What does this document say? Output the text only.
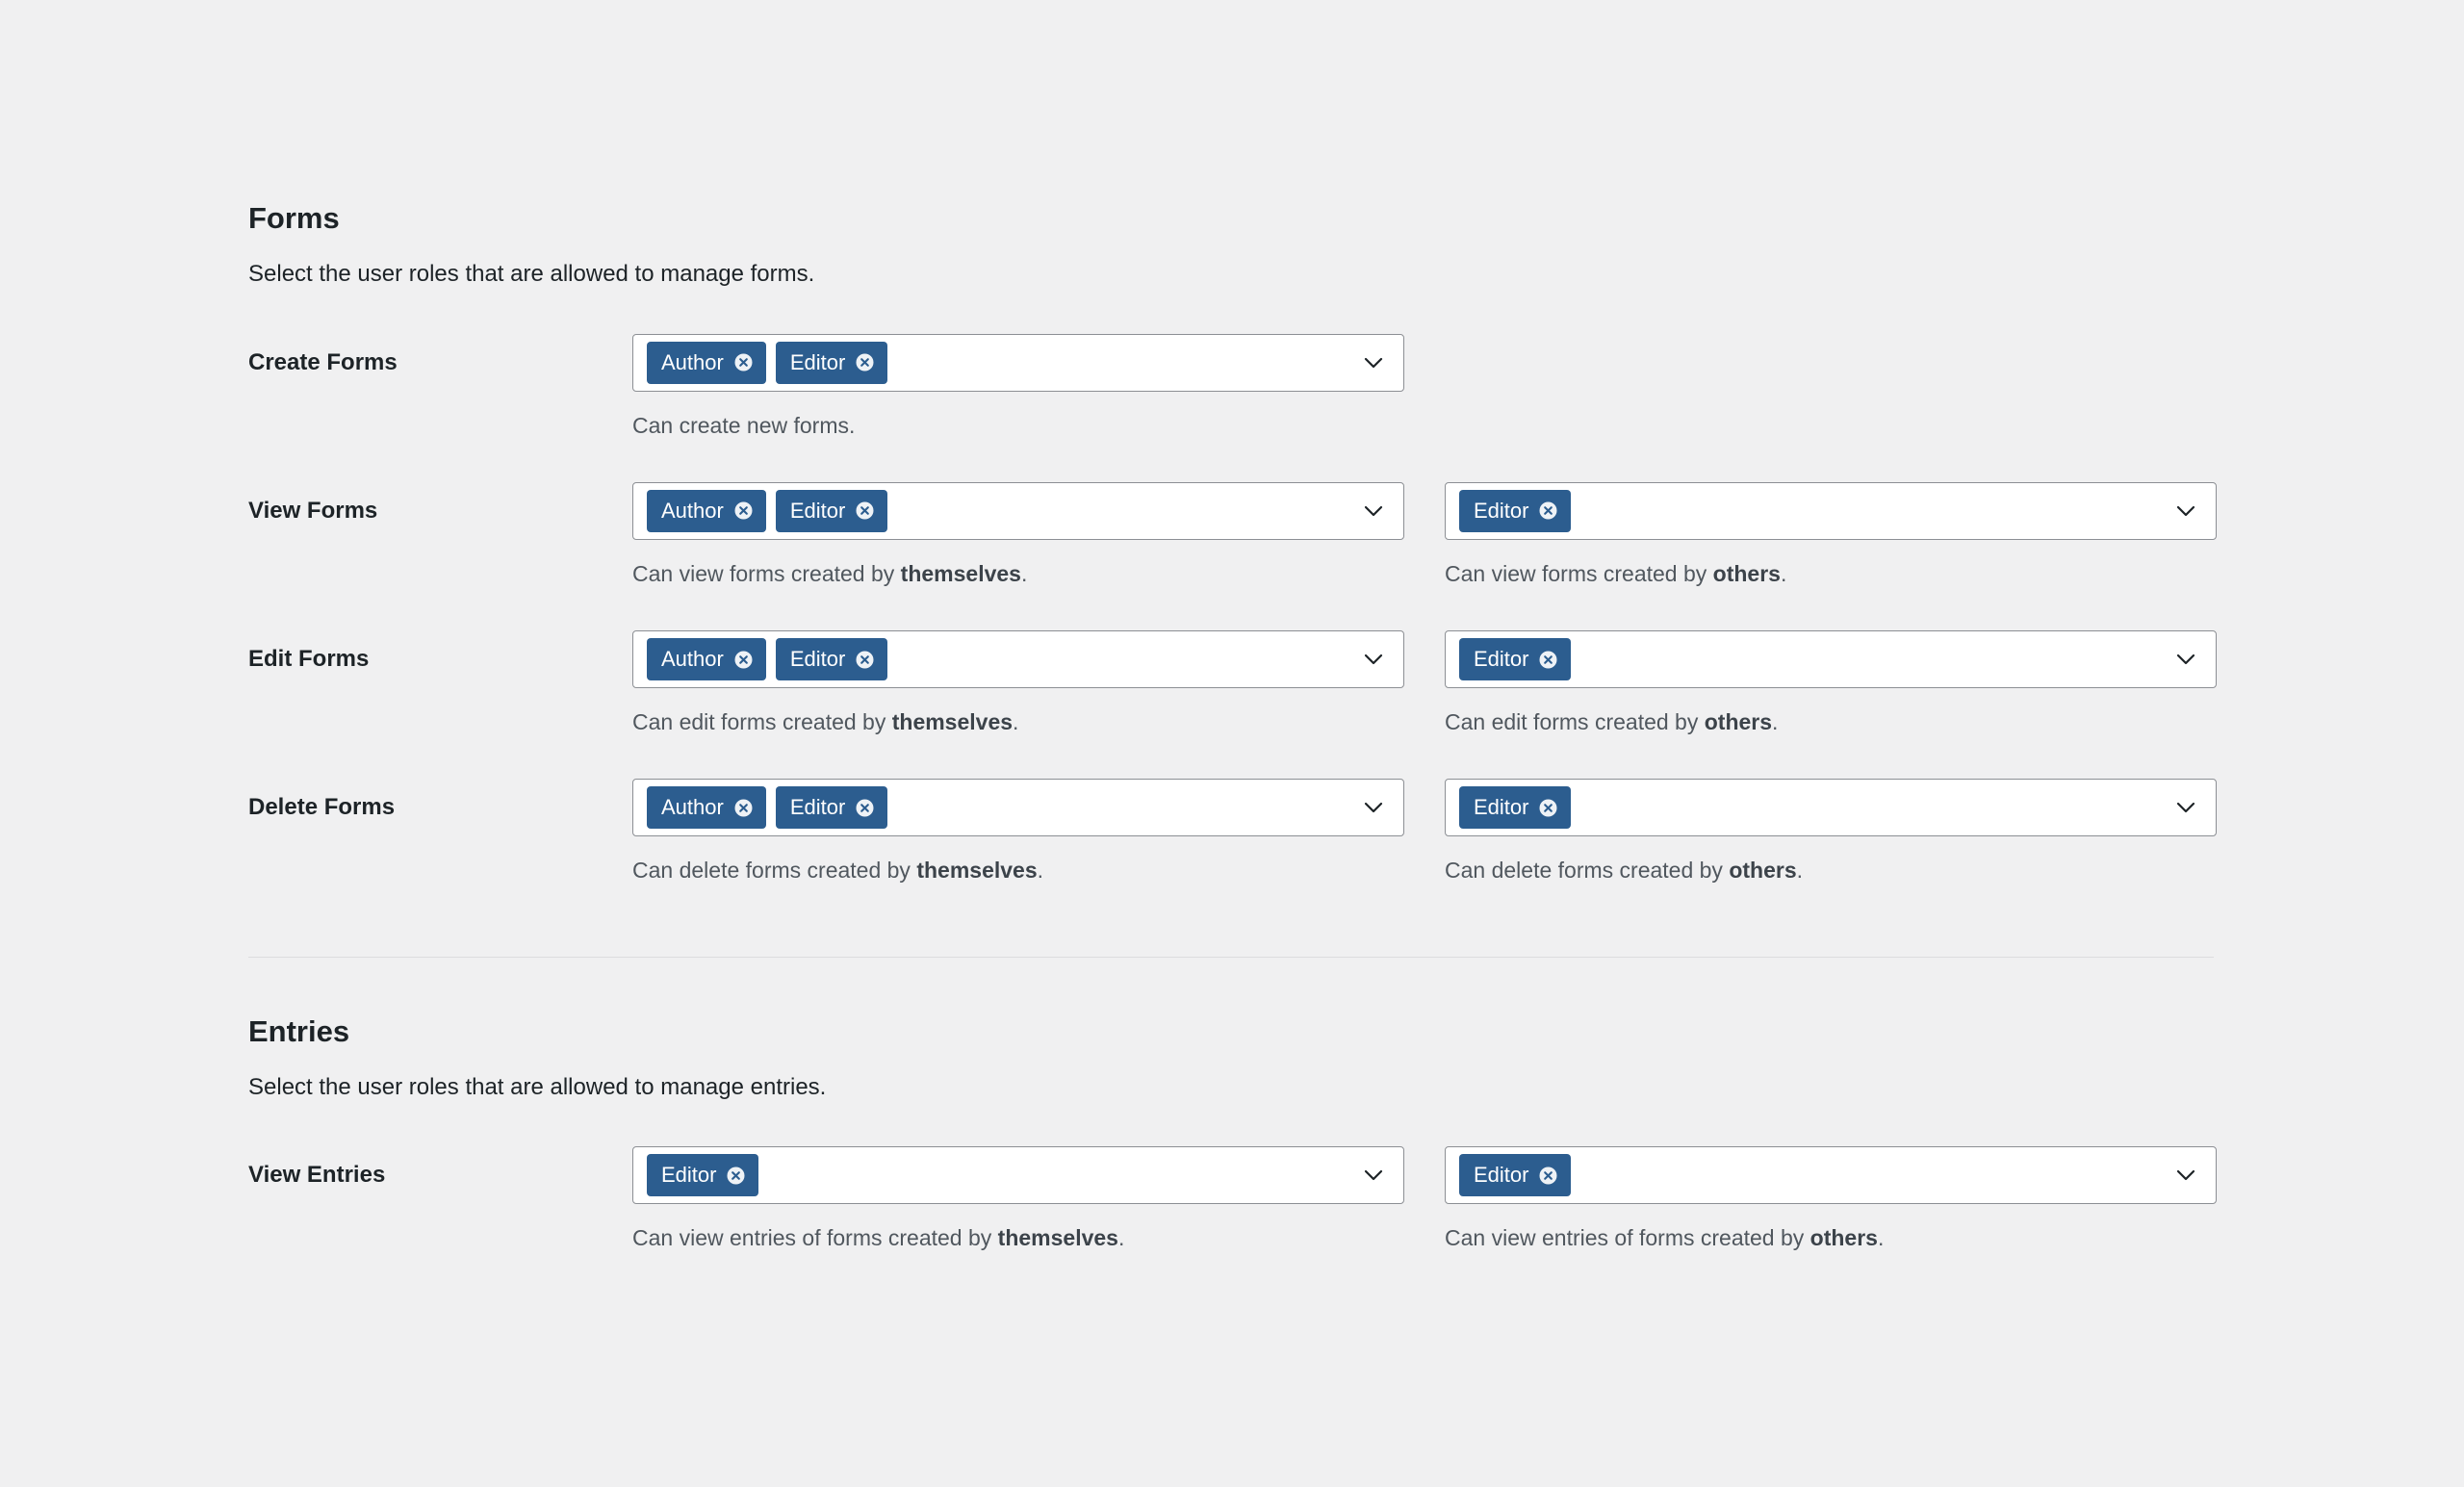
Forms

Select the user roles that are allowed to manage forms.

Create Forms	Author	Editor
Can create new forms.
View Forms	Author	Editor
Can view forms created by themselves.
Editor
Can view forms created by others.
Edit Forms	Author	Editor
Can edit forms created by themselves.
Editor
Can edit forms created by others.
Delete Forms	Author	Editor
Can delete forms created by themselves.
Editor
Can delete forms created by others.
Entries

Select the user roles that are allowed to manage entries.

View Entries	Editor
Can view entries of forms created by themselves.
Editor
Can view entries of forms created by others.
